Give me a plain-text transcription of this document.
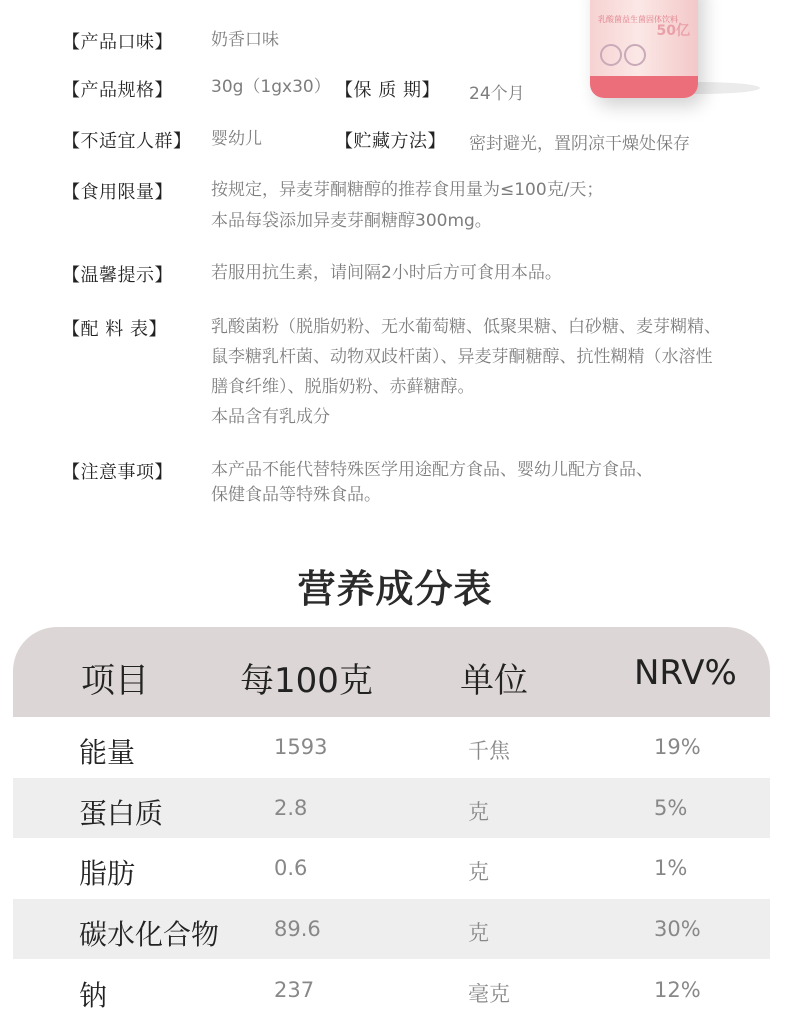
乳酸菌益生菌固体饮料
50亿
【产品口味】 奶香口味
【产品规格】 30g（1gx30） 【保 质 期】 24个月
【不适宜人群】 婴幼儿	【贮藏方法】 密封避光，置阴凉干燥处保存
【食用限量】 按规定，异麦芽酮糖醇的推荐食用量为≤100克/天；
本品每袋添加异麦芽酮糖醇300mg。
【温馨提示】 若服用抗生素，请间隔2小时后方可食用本品。
【配 料 表】	乳酸菌粉（脱脂奶粉、无水葡萄糖、低聚果糖、白砂糖、麦芽糊精、
鼠李糖乳杆菌、动物双歧杆菌）、异麦芽酮糖醇、抗性糊精（水溶性
膳食纤维）、脱脂奶粉、赤藓糖醇。
本品含有乳成分
【注意事项】 本产品不能代替特殊医学用途配方食品、婴幼儿配方食品、
保健食品等特殊食品。
营养成分表
项目	每100克	单位	NRV%
能量	1593	千焦	19%
蛋白质	2.8	克	5%
脂肪	0.6	克	1%
碳水化合物	89.6	克	30%
钠	237	毫克	12%
